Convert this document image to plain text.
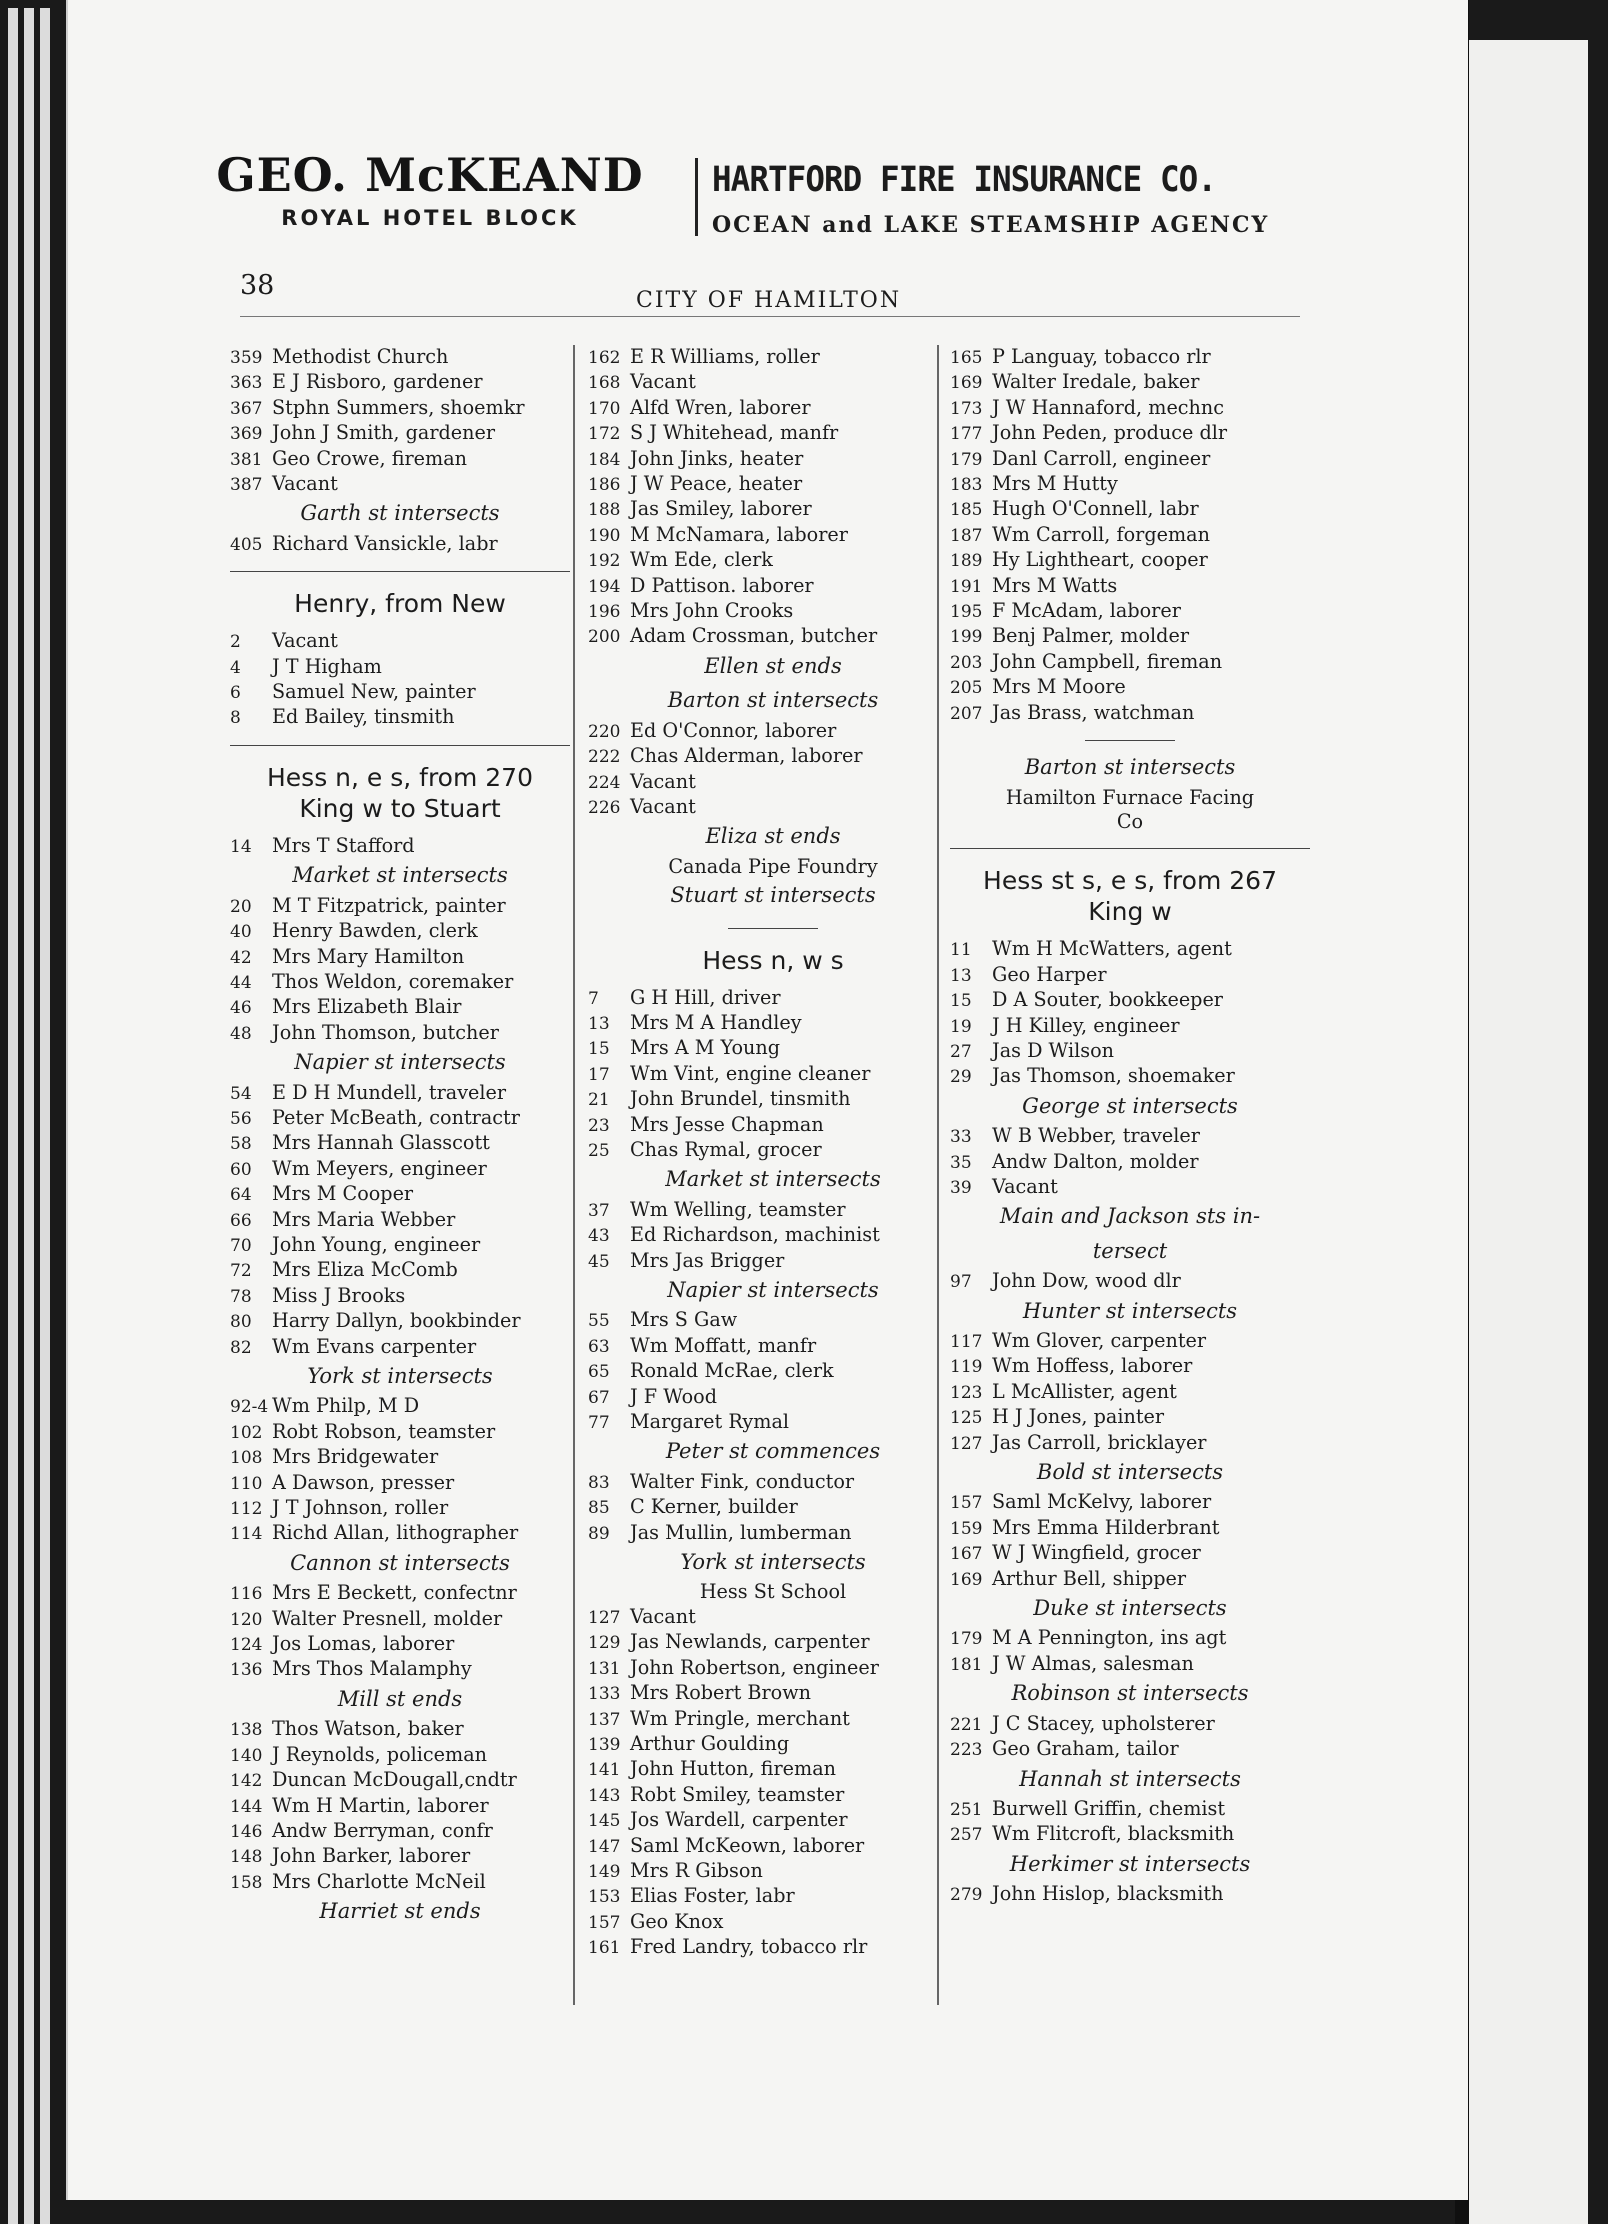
GEO. McKEAND
ROYAL HOTEL BLOCK
HARTFORD FIRE INSURANCE CO.
OCEAN and LAKE STEAMSHIP AGENCY
38	CITY OF HAMILTON
359 Methodist Church
363 E J Risboro, gardener
367 Stphn Summers, shoemkr
369 John J Smith, gardener
381 Geo Crowe, fireman
387 Vacant
Garth st intersects
405 Richard Vansickle, labr
Henry, from New
2 Vacant
4 J T Higham
6 Samuel New, painter
8 Ed Bailey, tinsmith
Hess n, e s, from 270
King w to Stuart
14 Mrs T Stafford
Market st intersects
20 M T Fitzpatrick, painter
40 Henry Bawden, clerk
42 Mrs Mary Hamilton
44 Thos Weldon, coremaker
46 Mrs Elizabeth Blair
48 John Thomson, butcher
Napier st intersects
54 E D H Mundell, traveler
56 Peter McBeath, contractr
58 Mrs Hannah Glasscott
60 Wm Meyers, engineer
64 Mrs M Cooper
66 Mrs Maria Webber
70 John Young, engineer
72 Mrs Eliza McComb
78 Miss J Brooks
80 Harry Dallyn, bookbinder
82 Wm Evans carpenter
York st intersects
92-4 Wm Philp, M D
102 Robt Robson, teamster
108 Mrs Bridgewater
110 A Dawson, presser
112 J T Johnson, roller
114 Richd Allan, lithographer
Cannon st intersects
116 Mrs E Beckett, confectnr
120 Walter Presnell, molder
124 Jos Lomas, laborer
136 Mrs Thos Malamphy
Mill st ends
138 Thos Watson, baker
140 J Reynolds, policeman
142 Duncan McDougall,cndtr
144 Wm H Martin, laborer
146 Andw Berryman, confr
148 John Barker, laborer
158 Mrs Charlotte McNeil
Harriet st ends
162 E R Williams, roller
168 Vacant
170 Alfd Wren, laborer
172 S J Whitehead, manfr
184 John Jinks, heater
186 J W Peace, heater
188 Jas Smiley, laborer
190 M McNamara, laborer
192 Wm Ede, clerk
194 D Pattison. laborer
196 Mrs John Crooks
200 Adam Crossman, butcher
Ellen st ends
Barton st intersects
220 Ed O'Connor, laborer
222 Chas Alderman, laborer
224 Vacant
226 Vacant
Eliza st ends
Canada Pipe Foundry
Stuart st intersects
Hess n, w s
7 G H Hill, driver
13 Mrs M A Handley
15 Mrs A M Young
17 Wm Vint, engine cleaner
21 John Brundel, tinsmith
23 Mrs Jesse Chapman
25 Chas Rymal, grocer
Market st intersects
37 Wm Welling, teamster
43 Ed Richardson, machinist
45 Mrs Jas Brigger
Napier st intersects
55 Mrs S Gaw
63 Wm Moffatt, manfr
65 Ronald McRae, clerk
67 J F Wood
77 Margaret Rymal
Peter st commences
83 Walter Fink, conductor
85 C Kerner, builder
89 Jas Mullin, lumberman
York st intersects
Hess St School
127 Vacant
129 Jas Newlands, carpenter
131 John Robertson, engineer
133 Mrs Robert Brown
137 Wm Pringle, merchant
139 Arthur Goulding
141 John Hutton, fireman
143 Robt Smiley, teamster
145 Jos Wardell, carpenter
147 Saml McKeown, laborer
149 Mrs R Gibson
153 Elias Foster, labr
157 Geo Knox
161 Fred Landry, tobacco rlr
165 P Languay, tobacco rlr
169 Walter Iredale, baker
173 J W Hannaford, mechnc
177 John Peden, produce dlr
179 Danl Carroll, engineer
183 Mrs M Hutty
185 Hugh O'Connell, labr
187 Wm Carroll, forgeman
189 Hy Lightheart, cooper
191 Mrs M Watts
195 F McAdam, laborer
199 Benj Palmer, molder
203 John Campbell, fireman
205 Mrs M Moore
207 Jas Brass, watchman
Barton st intersects
Hamilton Furnace Facing
Co
Hess st s, e s, from 267
King w
11 Wm H McWatters, agent
13 Geo Harper
15 D A Souter, bookkeeper
19 J H Killey, engineer
27 Jas D Wilson
29 Jas Thomson, shoemaker
George st intersects
33 W B Webber, traveler
35 Andw Dalton, molder
39 Vacant
Main and Jackson sts in-
tersect
97 John Dow, wood dlr
Hunter st intersects
117 Wm Glover, carpenter
119 Wm Hoffess, laborer
123 L McAllister, agent
125 H J Jones, painter
127 Jas Carroll, bricklayer
Bold st intersects
157 Saml McKelvy, laborer
159 Mrs Emma Hilderbrant
167 W J Wingfield, grocer
169 Arthur Bell, shipper
Duke st intersects
179 M A Pennington, ins agt
181 J W Almas, salesman
Robinson st intersects
221 J C Stacey, upholsterer
223 Geo Graham, tailor
Hannah st intersects
251 Burwell Griffin, chemist
257 Wm Flitcroft, blacksmith
Herkimer st intersects
279 John Hislop, blacksmith
